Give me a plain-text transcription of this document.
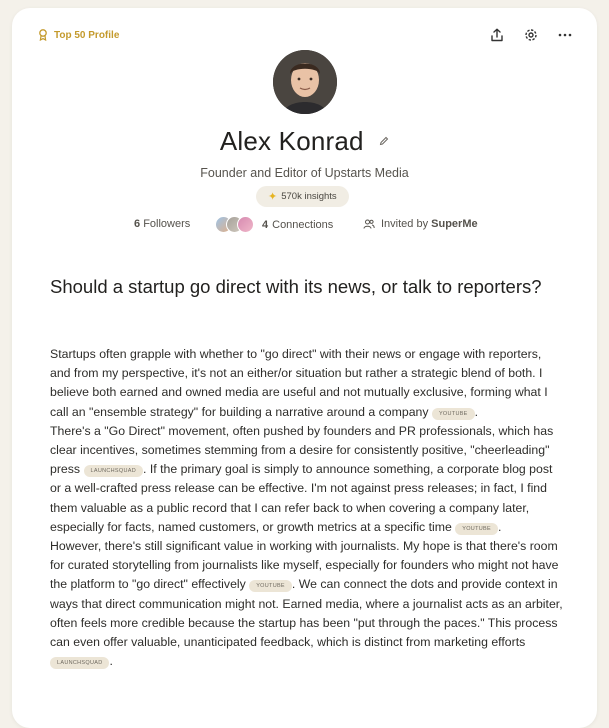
Top 50 Profile
Alex Konrad
Founder and Editor of Upstarts Media
✦ 570k insights
6 Followers	4 Connections	Invited by SuperMe
Should a startup go direct with its news, or talk to reporters?

Startups often grapple with whether to "go direct" with their news or engage with reporters, and from my perspective, it's not an either/or situation but rather a strategic blend of both. I believe both earned and owned media are useful and not mutually exclusive, forming what I call an "ensemble strategy" for building a narrative around a company YOUTUBE .

There's a "Go Direct" movement, often pushed by founders and PR professionals, which has clear incentives, sometimes stemming from a desire for consistently positive, "cheerleading" press LAUNCHSQUAD . If the primary goal is simply to announce something, a corporate blog post or a well-crafted press release can be effective. I'm not against press releases; in fact, I find them valuable as a public record that I can refer back to when covering a company later, especially for facts, named customers, or growth metrics at a specific time YOUTUBE .

However, there's still significant value in working with journalists. My hope is that there's room for curated storytelling from journalists like myself, especially for founders who might not have the platform to "go direct" effectively YOUTUBE . We can connect the dots and provide context in ways that direct communication might not. Earned media, where a journalist acts as an arbiter, often feels more credible because the startup has been "put through the paces." This process can even offer valuable, unanticipated feedback, which is distinct from marketing efforts LAUNCHSQUAD .
